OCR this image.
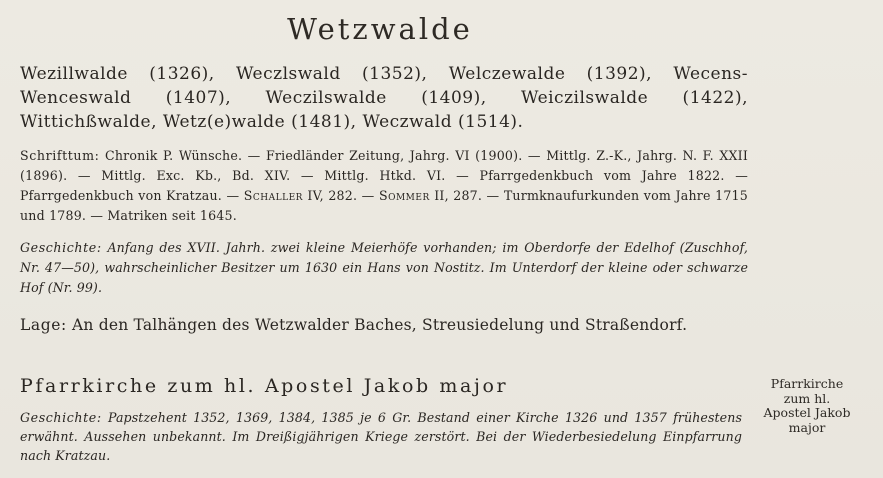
Wetzwalde
Wezillwalde (1326), Weczlswald (1352), Welczewalde (1392), Wecens-Wenceswald (1407), Weczilswalde (1409), Weiczilswalde (1422), Wittichßwalde, Wetz(e)walde (1481), Weczwald (1514).
Schrifttum: Chronik P. Wünsche. — Friedländer Zeitung, Jahrg. VI (1900). — Mittlg. Z.-K., Jahrg. N. F. XXII (1896). — Mittlg. Exc. Kb., Bd. XIV. — Mittlg. Htkd. VI. — Pfarrgedenkbuch vom Jahre 1822. — Pfarrgedenkbuch von Kratzau. — Schaller IV, 282. — Sommer II, 287. — Turmknaufurkunden vom Jahre 1715 und 1789. — Matriken seit 1645.
Geschichte: Anfang des XVII. Jahrh. zwei kleine Meierhöfe vorhanden; im Oberdorfe der Edelhof (Zuschhof, Nr. 47—50), wahrscheinlicher Besitzer um 1630 ein Hans von Nostitz. Im Unterdorf der kleine oder schwarze Hof (Nr. 99).
Lage: An den Talhängen des Wetzwalder Baches, Streusiedelung und Straßendorf.
Pfarrkirche zum hl. Apostel Jakob major
Geschichte: Papstzehent 1352, 1369, 1384, 1385 je 6 Gr. Bestand einer Kirche 1326 und 1357 frühestens erwähnt. Aussehen unbekannt. Im Dreißigjährigen Kriege zerstört. Bei der Wiederbesiedelung Einpfarrung nach Kratzau.
Pfarrkirche
zum hl.
Apostel Jakob
major
